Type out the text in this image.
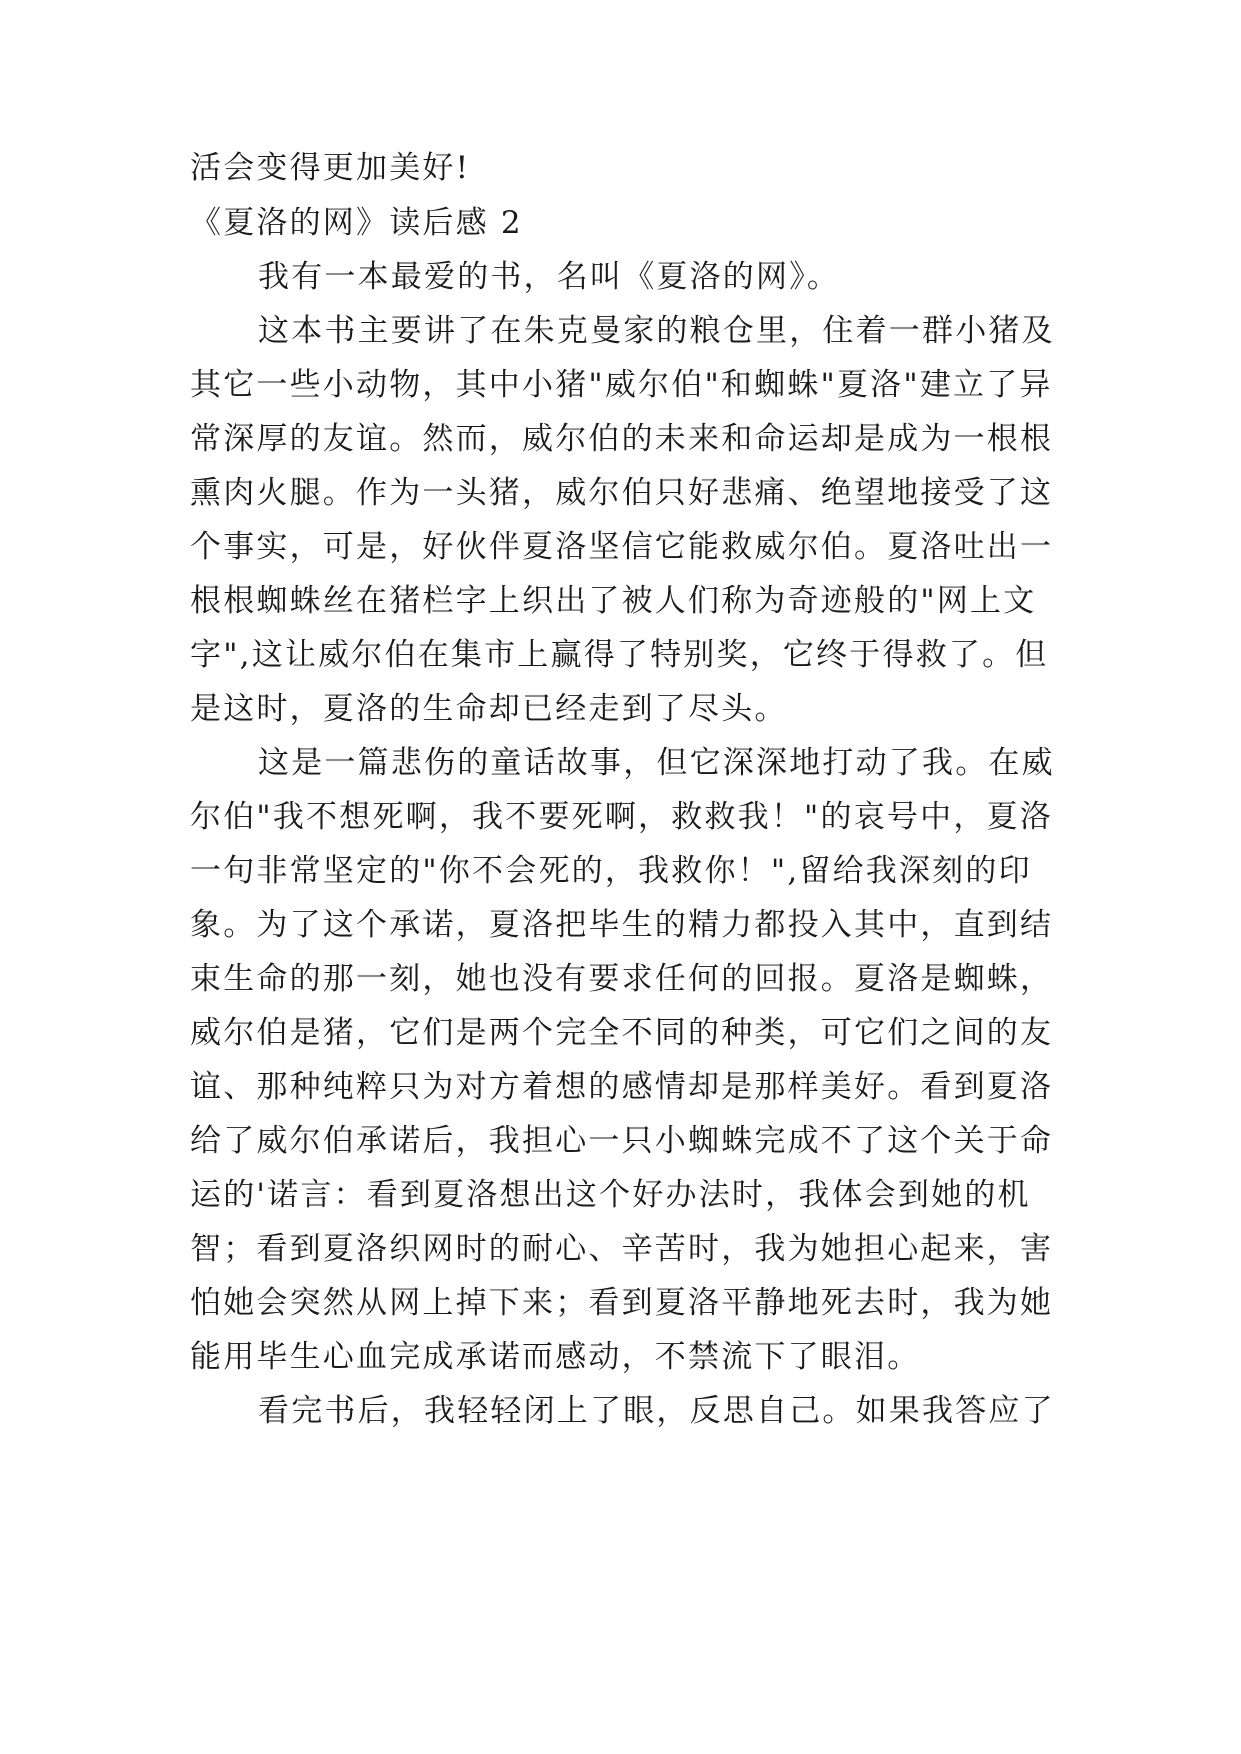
活会变得更加美好!
《夏洛的网》读后感 2
我有一本最爱的书，名叫《夏洛的网》。
这本书主要讲了在朱克曼家的粮仓里，住着一群小猪及
其它一些小动物，其中小猪"威尔伯"和蜘蛛"夏洛"建立了异
常深厚的友谊。然而，威尔伯的未来和命运却是成为一根根
熏肉火腿。作为一头猪，威尔伯只好悲痛、绝望地接受了这
个事实，可是，好伙伴夏洛坚信它能救威尔伯。夏洛吐出一
根根蜘蛛丝在猪栏字上织出了被人们称为奇迹般的"网上文
字",这让威尔伯在集市上赢得了特别奖，它终于得救了。但
是这时，夏洛的生命却已经走到了尽头。
这是一篇悲伤的童话故事，但它深深地打动了我。在威
尔伯"我不想死啊，我不要死啊，救救我！"的哀号中，夏洛
一句非常坚定的"你不会死的，我救你！",留给我深刻的印
象。为了这个承诺，夏洛把毕生的精力都投入其中，直到结
束生命的那一刻，她也没有要求任何的回报。夏洛是蜘蛛，
威尔伯是猪，它们是两个完全不同的种类，可它们之间的友
谊、那种纯粹只为对方着想的感情却是那样美好。看到夏洛
给了威尔伯承诺后，我担心一只小蜘蛛完成不了这个关于命
运的'诺言：看到夏洛想出这个好办法时，我体会到她的机
智；看到夏洛织网时的耐心、辛苦时，我为她担心起来，害
怕她会突然从网上掉下来；看到夏洛平静地死去时，我为她
能用毕生心血完成承诺而感动，不禁流下了眼泪。
看完书后，我轻轻闭上了眼，反思自己。如果我答应了
